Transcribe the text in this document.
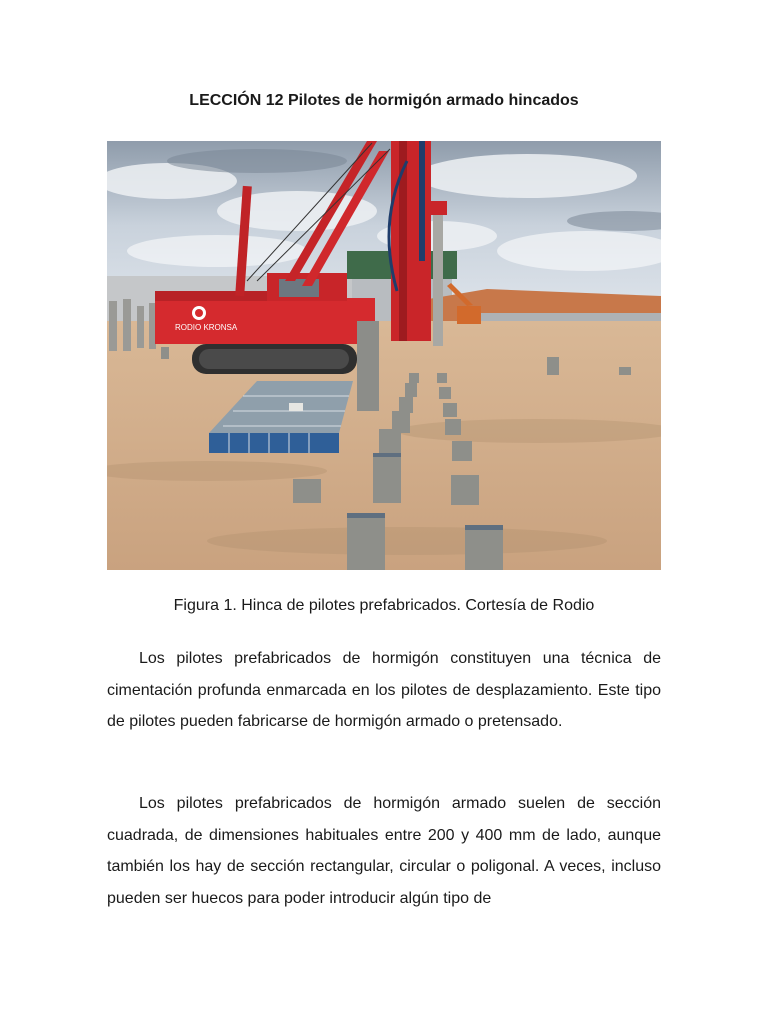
LECCIÓN 12 Pilotes de hormigón armado hincados
RODIO KRONSA
Figura 1. Hinca de pilotes prefabricados. Cortesía de Rodio

Los pilotes prefabricados de hormigón constituyen una técnica de cimentación profunda enmarcada en los pilotes de desplazamiento. Este tipo de pilotes pueden fabricarse de hormigón armado o pretensado.

Los pilotes prefabricados de hormigón armado suelen de sección cuadrada, de dimensiones habituales entre 200 y 400 mm de lado, aunque también los hay de sección rectangular, circular o poligonal. A veces, incluso pueden ser huecos para poder introducir algún tipo de
